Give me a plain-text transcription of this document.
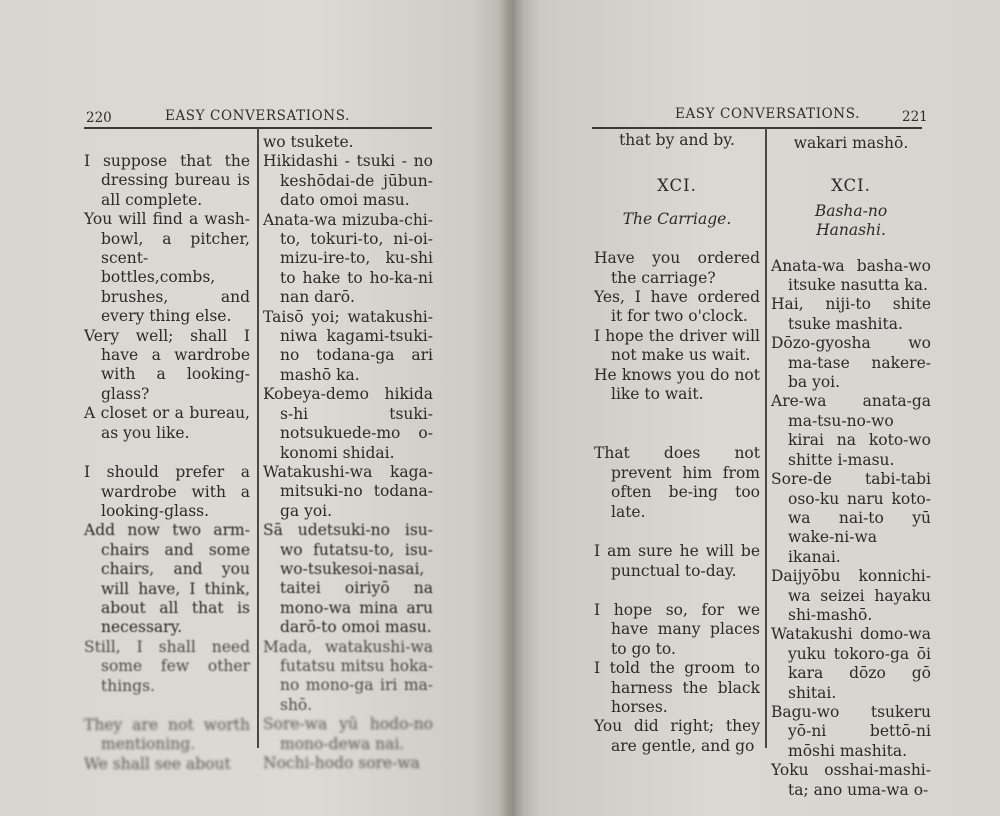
220	EASY CONVERSATIONS.

I suppose that the dressing bureau is all complete.

You will find a wash-bowl, a pitcher, scent-bottles,combs, brushes, and every thing else.

Very well; shall I have a wardrobe with a looking-glass?

A closet or a bureau, as you like.

I should prefer a wardrobe with a looking-glass.

Add now two arm-chairs and some chairs, and you will have, I think, about all that is necessary.

Still, I shall need some few other things.

They are not worth mentioning.

We shall see about

wo tsukete.

Hikidashi - tsuki - no keshōdai-de jūbun-dato omoi masu.

Anata-wa mizuba-chi-to, tokuri-to, ni-oi-mizu-ire-to, ku-shi to hake to ho-ka-ni nan darō.

Taisō yoi; watakushi-niwa kagami-tsuki-no todana-ga ari mashō ka.

Kobeya-demo hikida s-hi tsuki-notsukuede-mo o-konomi shidai.

Watakushi-wa kaga-mitsuki-no todana-ga yoi.

Sā udetsuki-no isu-wo futatsu-to, isu-wo-tsukesoi-nasai, taitei oiriyō na mono-wa mina aru darō-to omoi masu.

Mada, watakushi-wa futatsu mitsu hoka-no mono-ga iri ma-shō.

Sore-wa yū hodo-no mono-dewa nai.

Nochi-hodo sore-wa

EASY CONVERSATIONS.	221

that by and by.

XCI.

The Carriage.

Have you ordered the carriage?

Yes, I have ordered it for two o'clock.

I hope the driver will not make us wait.

He knows you do not like to wait.

That does not prevent him from often be-ing too late.

I am sure he will be punctual to-day.

I hope so, for we have many places to go to.

I told the groom to harness the black horses.

You did right; they are gentle, and go

wakari mashō.

XCI.

Basha-no Hanashi.

Anata-wa basha-wo itsuke nasutta ka.

Hai, niji-to shite tsuke mashita.

Dōzo-gyosha wo ma-tase nakere-ba yoi.

Are-wa anata-ga ma-tsu-no-wo kirai na koto-wo shitte i-masu.

Sore-de tabi-tabi oso-ku naru koto-wa nai-to yū wake-ni-wa ikanai.

Daijyōbu konnichi-wa seizei hayaku shi-mashō.

Watakushi domo-wa yuku tokoro-ga ōi kara dōzo gō shitai.

Bagu-wo tsukeru yō-ni bettō-ni mōshi mashita.

Yoku osshai-mashi-ta; ano uma-wa o-
